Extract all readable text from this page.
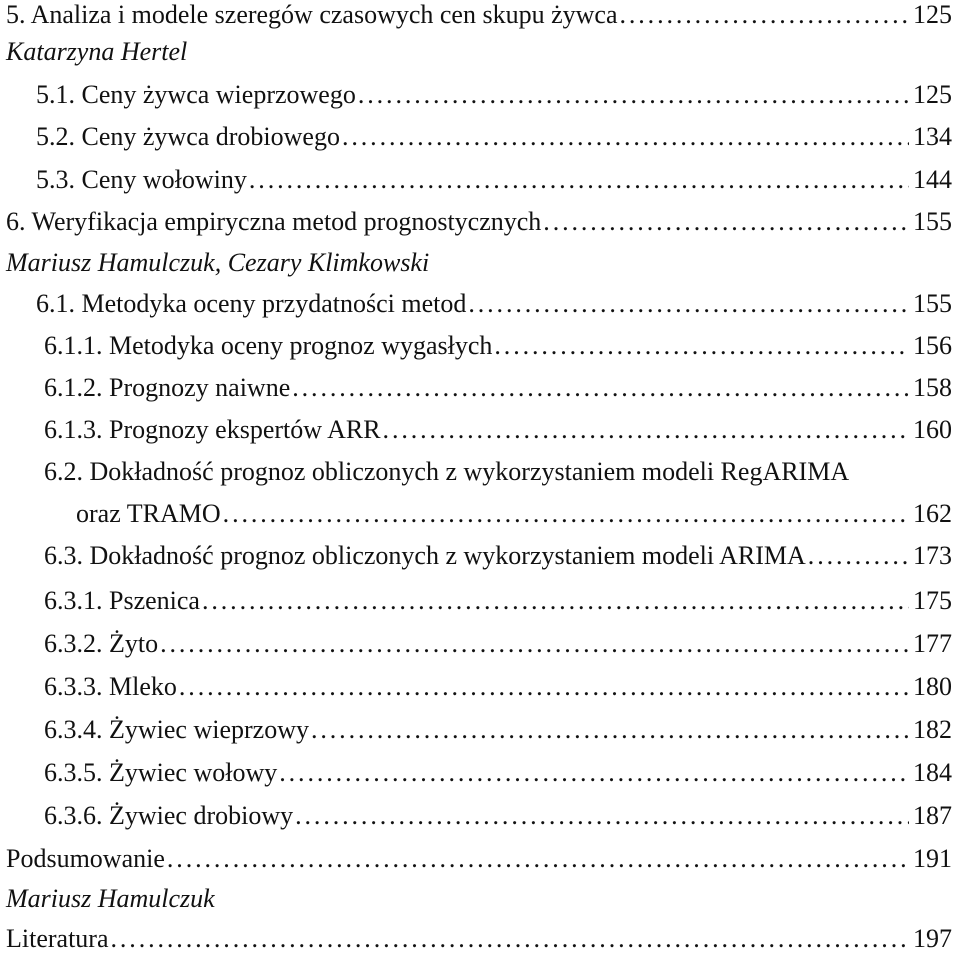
5. Analiza i modele szeregów czasowych cen skupu żywca . . .	125
Katarzyna Hertel
5.1. Ceny żywca wieprzowego . . .	125
5.2. Ceny żywca drobiowego . . .	134
5.3. Ceny wołowiny . . .	144
6. Weryfikacja empiryczna metod prognostycznych . . .	155
Mariusz Hamulczuk, Cezary Klimkowski
6.1. Metodyka oceny przydatności metod . . .	155
6.1.1. Metodyka oceny prognoz wygasłych . . .	156
6.1.2. Prognozy naiwne . . .	158
6.1.3. Prognozy ekspertów ARR . . .	160
6.2. Dokładność prognoz obliczonych z wykorzystaniem modeli RegARIMA
oraz TRAMO . . .	162
6.3. Dokładność prognoz obliczonych z wykorzystaniem modeli ARIMA . . .	173
6.3.1. Pszenica . . .	175
6.3.2. Żyto . . .	177
6.3.3. Mleko . . .	180
6.3.4. Żywiec wieprzowy . . .	182
6.3.5. Żywiec wołowy . . .	184
6.3.6. Żywiec drobiowy . . .	187
Podsumowanie . . .	191
Mariusz Hamulczuk
Literatura . . .	197
